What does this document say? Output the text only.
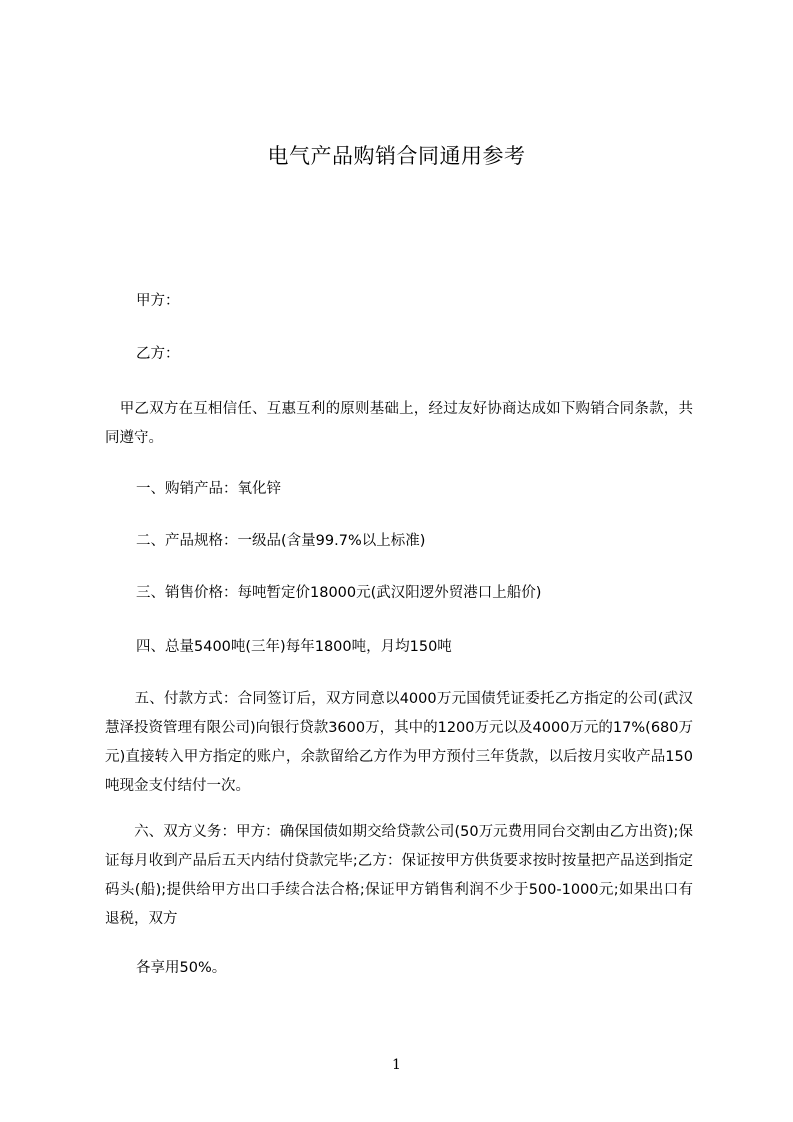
电气产品购销合同通用参考
甲方：
乙方：
　甲乙双方在互相信任、互惠互利的原则基础上，经过友好协商达成如下购销合同条款，共同遵守。
一、购销产品：氧化锌
二、产品规格：一级品(含量99.7%以上标准)
三、销售价格：每吨暂定价18000元(武汉阳逻外贸港口上船价)
四、总量5400吨(三年)每年1800吨，月均150吨
　　五、付款方式：合同签订后，双方同意以4000万元国债凭证委托乙方指定的公司(武汉慧泽投资管理有限公司)向银行贷款3600万，其中的1200万元以及4000万元的17%(680万元)直接转入甲方指定的账户，余款留给乙方作为甲方预付三年货款，以后按月实收产品150吨现金支付结付一次。
　　六、双方义务：甲方：确保国债如期交给贷款公司(50万元费用同台交割由乙方出资);保证每月收到产品后五天内结付贷款完毕;乙方：保证按甲方供货要求按时按量把产品送到指定码头(船);提供给甲方出口手续合法合格;保证甲方销售利润不少于500-1000元;如果出口有退税，双方
各享用50%。
1
